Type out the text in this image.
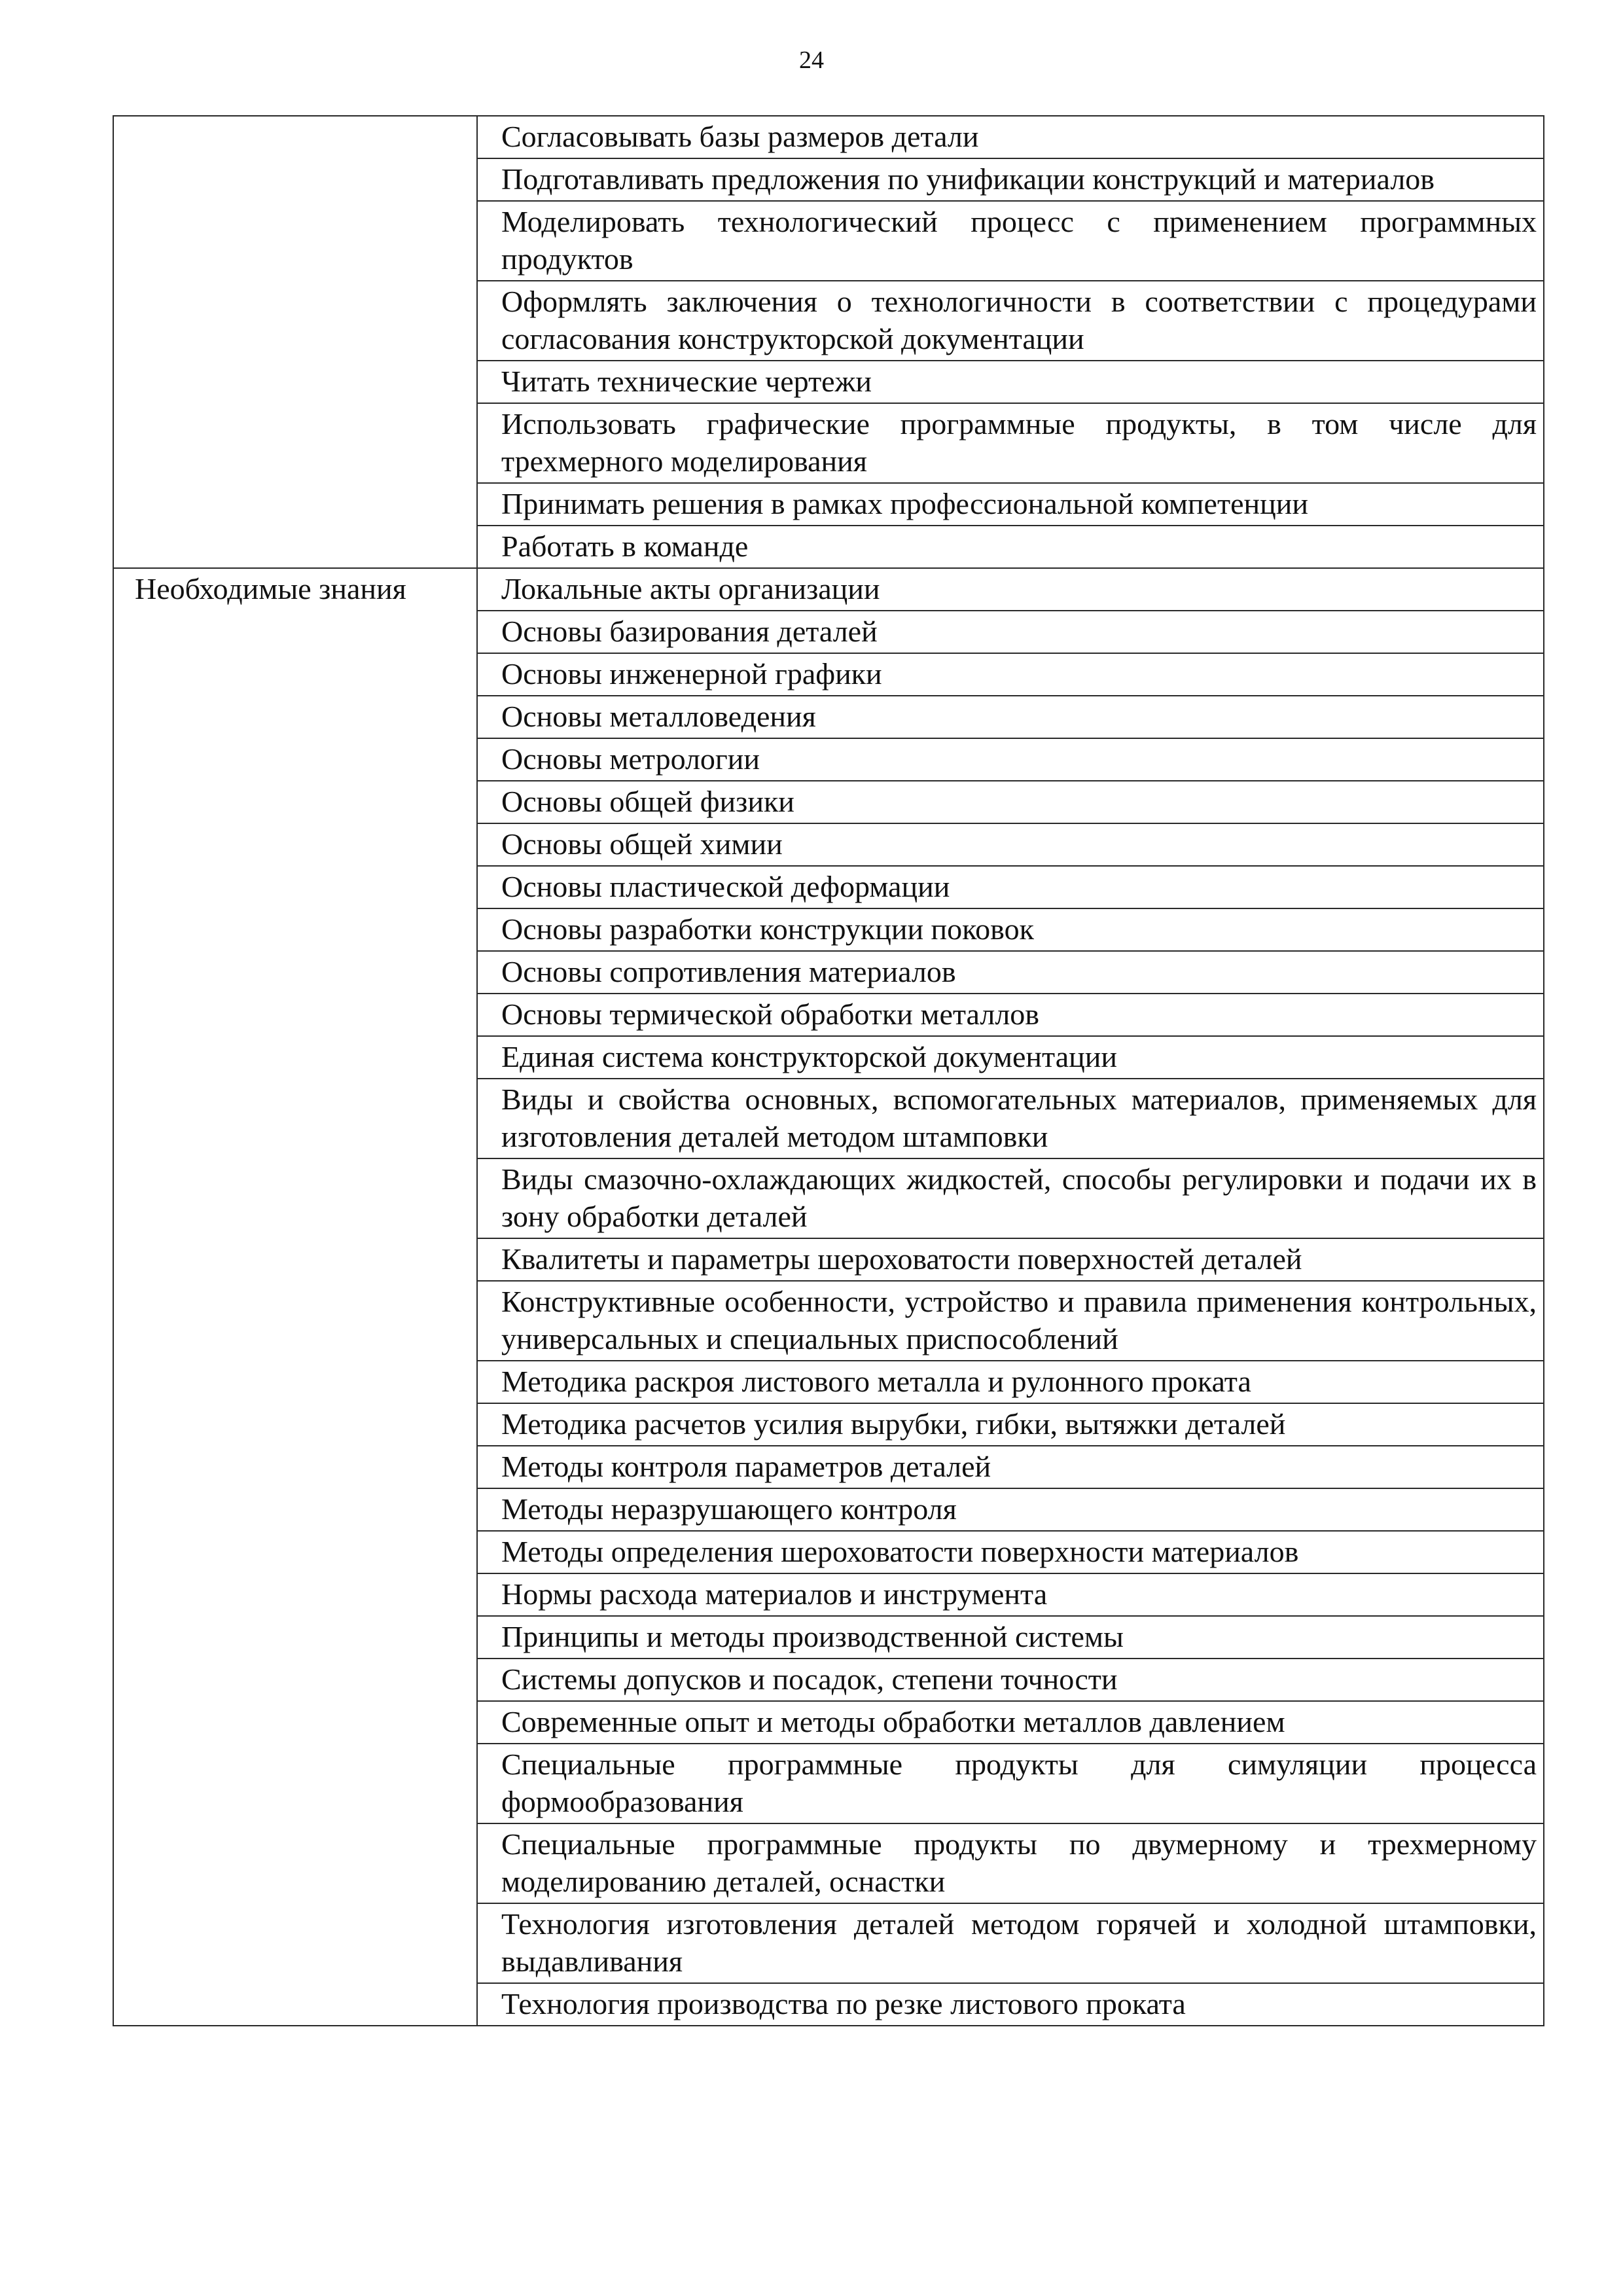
24
	Согласовывать базы размеров детали
	Подготавливать предложения по унификации конструкций и материалов
	Моделировать технологический процесс с применением программных продуктов
	Оформлять заключения о технологичности в соответствии с процедурами согласования конструкторской документации
	Читать технические чертежи
	Использовать графические программные продукты, в том числе для трехмерного моделирования
	Принимать решения в рамках профессиональной компетенции
	Работать в команде
Необходимые знания	Локальные акты организации
	Основы базирования деталей
	Основы инженерной графики
	Основы металловедения
	Основы метрологии
	Основы общей физики
	Основы общей химии
	Основы пластической деформации
	Основы разработки конструкции поковок
	Основы сопротивления материалов
	Основы термической обработки металлов
	Единая система конструкторской документации
	Виды и свойства основных, вспомогательных материалов, применяемых для изготовления деталей методом штамповки
	Виды смазочно-охлаждающих жидкостей, способы регулировки и подачи их в зону обработки деталей
	Квалитеты и параметры шероховатости поверхностей деталей
	Конструктивные особенности, устройство и правила применения контрольных, универсальных и специальных приспособлений
	Методика раскроя листового металла и рулонного проката
	Методика расчетов усилия вырубки, гибки, вытяжки деталей
	Методы контроля параметров деталей
	Методы неразрушающего контроля
	Методы определения шероховатости поверхности материалов
	Нормы расхода материалов и инструмента
	Принципы и методы производственной системы
	Системы допусков и посадок, степени точности
	Современные опыт и методы обработки металлов давлением
	Специальные программные продукты для симуляции процесса формообразования
	Специальные программные продукты по двумерному и трехмерному моделированию деталей, оснастки
	Технология изготовления деталей методом горячей и холодной штамповки, выдавливания
	Технология производства по резке листового проката
